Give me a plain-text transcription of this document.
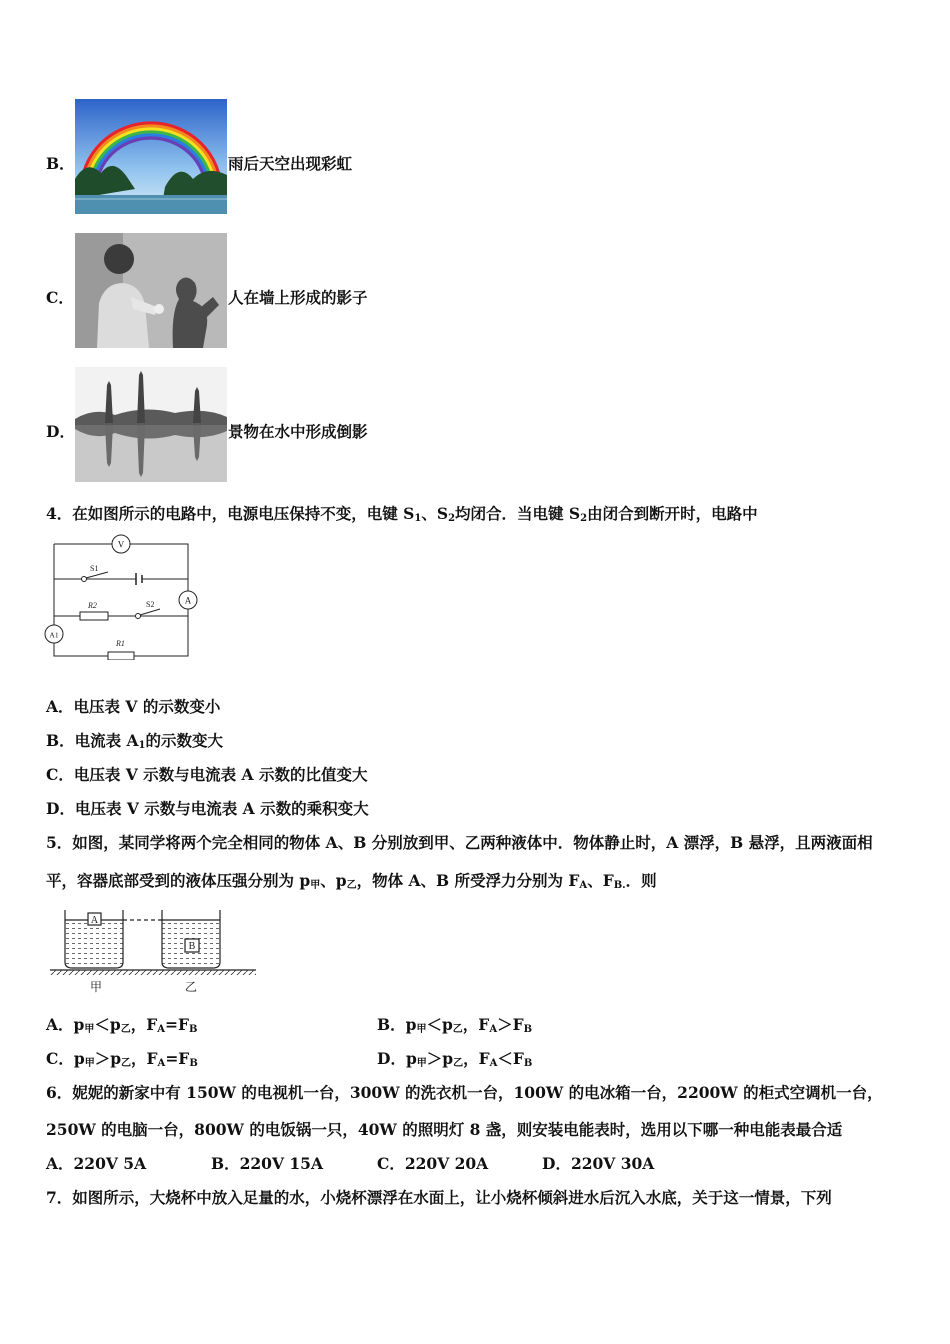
B．	雨后天空出现彩虹
C．	人在墙上形成的影子
D．	景物在水中形成倒影
4．在如图所示的电路中，电源电压保持不变，电键 $S_1$、$S_2$均闭合．当电键 $S_2$由闭合到断开时，电路中
V
A
A1
S1
R2	S2
R1
A．电压表 V 的示数变小
B．电流表 $A_1$的示数变大
C．电压表 V 示数与电流表 A 示数的比值变大
D．电压表 V 示数与电流表 A 示数的乘积变大
5．如图，某同学将两个完全相同的物体 A、B 分别放到甲、乙两种液体中．物体静止时，A 漂浮，B 悬浮，且两液面相
平，容器底部受到的液体压强分别为 $p_甲$、$p_乙$，物体 A、B 所受浮力分别为 $F_A$、$F_{B.}$．则
A
B
甲	乙
A．$p_甲<p_乙$，$F_A=F_B$	B．$p_甲<p_乙$，$F_A>F_B$
C．$p_甲>p_乙$，$F_A=F_B$	D．$p_甲>p_乙$，$F_A<F_B$
6．妮妮的新家中有 150W 的电视机一台，300W 的洗衣机一台，100W 的电冰箱一台，2200W 的柜式空调机一台，
250W 的电脑一台，800W 的电饭锅一只，40W 的照明灯 8 盏，则安装电能表时，选用以下哪一种电能表最合适
A．220V 5A	B．220V 15A	C．220V 20A	D．220V 30A
7．如图所示，大烧杯中放入足量的水，小烧杯漂浮在水面上，让小烧杯倾斜进水后沉入水底，关于这一情景，下列
